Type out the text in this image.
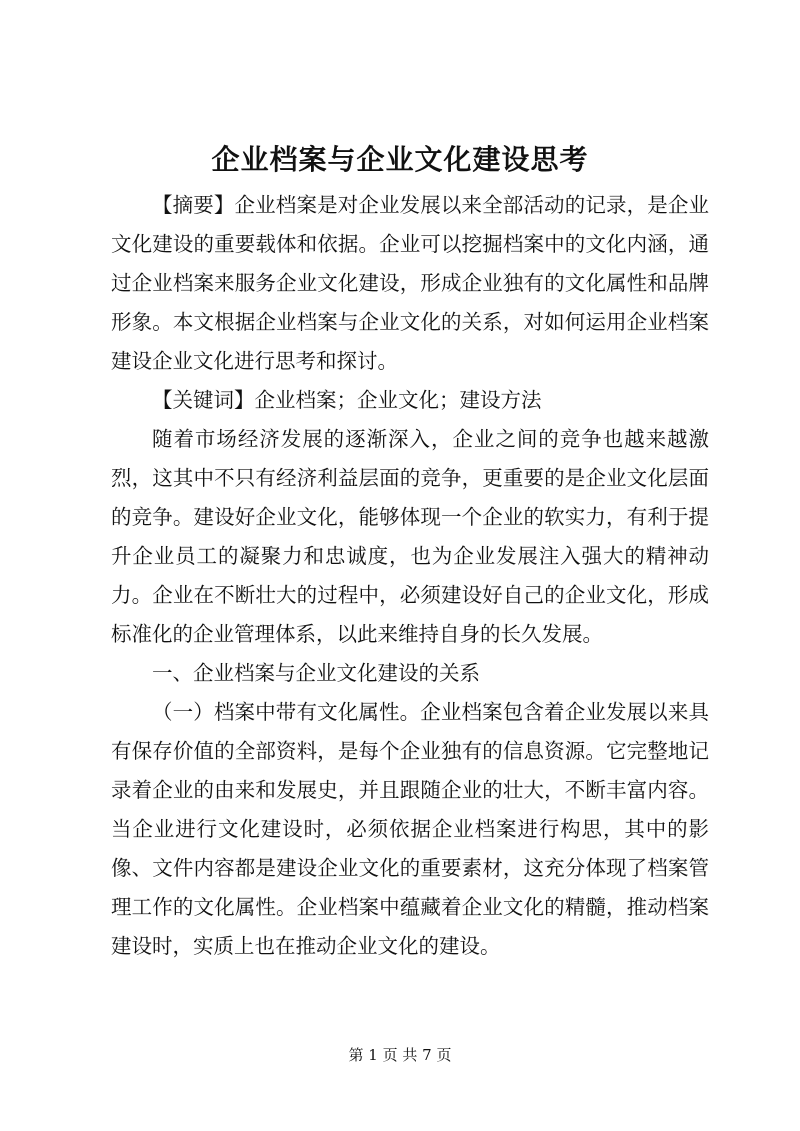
企业档案与企业文化建设思考

【摘要】企业档案是对企业发展以来全部活动的记录，是企业文化建设的重要载体和依据。企业可以挖掘档案中的文化内涵，通过企业档案来服务企业文化建设，形成企业独有的文化属性和品牌形象。本文根据企业档案与企业文化的关系，对如何运用企业档案建设企业文化进行思考和探讨。

【关键词】企业档案；企业文化；建设方法

随着市场经济发展的逐渐深入，企业之间的竞争也越来越激烈，这其中不只有经济利益层面的竞争，更重要的是企业文化层面的竞争。建设好企业文化，能够体现一个企业的软实力，有利于提升企业员工的凝聚力和忠诚度，也为企业发展注入强大的精神动力。企业在不断壮大的过程中，必须建设好自己的企业文化，形成标准化的企业管理体系，以此来维持自身的长久发展。

一、企业档案与企业文化建设的关系

（一）档案中带有文化属性。企业档案包含着企业发展以来具有保存价值的全部资料，是每个企业独有的信息资源。它完整地记录着企业的由来和发展史，并且跟随企业的壮大，不断丰富内容。当企业进行文化建设时，必须依据企业档案进行构思，其中的影像、文件内容都是建设企业文化的重要素材，这充分体现了档案管理工作的文化属性。企业档案中蕴藏着企业文化的精髓，推动档案建设时，实质上也在推动企业文化的建设。

第 1 页 共 7 页
